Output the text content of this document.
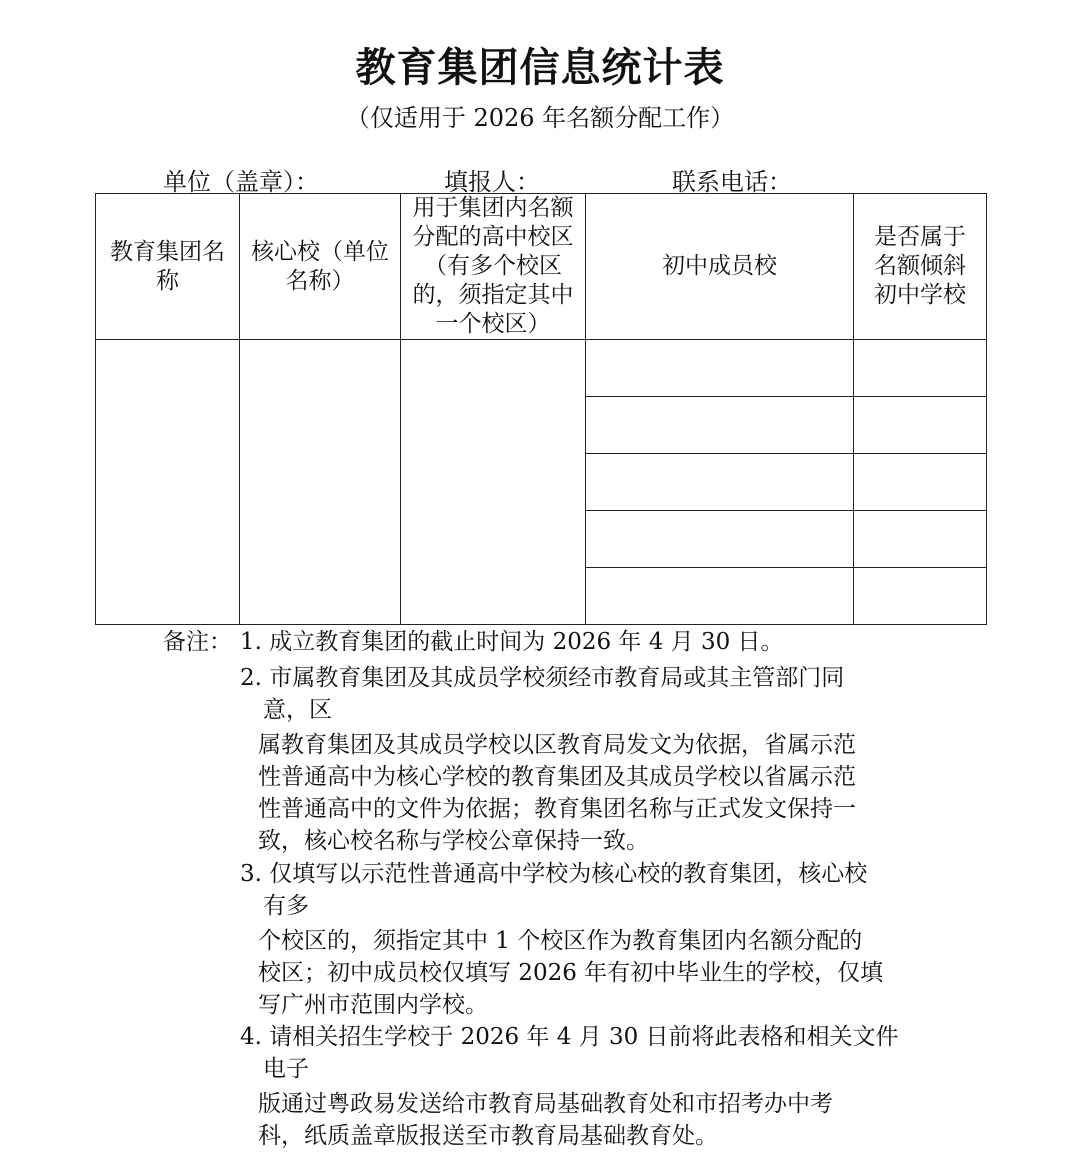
教育集团信息统计表
（仅适用于 2026 年名额分配工作）
单位（盖章）：	填报人：	联系电话：
教育集团名称	核心校（单位名称）	用于集团内名额分配的高中校区（有多个校区的，须指定其中一个校区）	初中成员校	是否属于名额倾斜初中学校

备注： 1. 成立教育集团的截止时间为 2026 年 4 月 30 日。
2. 市属教育集团及其成员学校须经市教育局或其主管部门同
意，区
属教育集团及其成员学校以区教育局发文为依据，省属示范
性普通高中为核心学校的教育集团及其成员学校以省属示范
性普通高中的文件为依据；教育集团名称与正式发文保持一
致，核心校名称与学校公章保持一致。
3. 仅填写以示范性普通高中学校为核心校的教育集团，核心校
有多
个校区的，须指定其中 1 个校区作为教育集团内名额分配的
校区；初中成员校仅填写 2026 年有初中毕业生的学校，仅填
写广州市范围内学校。
4. 请相关招生学校于 2026 年 4 月 30 日前将此表格和相关文件
电子
版通过粤政易发送给市教育局基础教育处和市招考办中考
科，纸质盖章版报送至市教育局基础教育处。
